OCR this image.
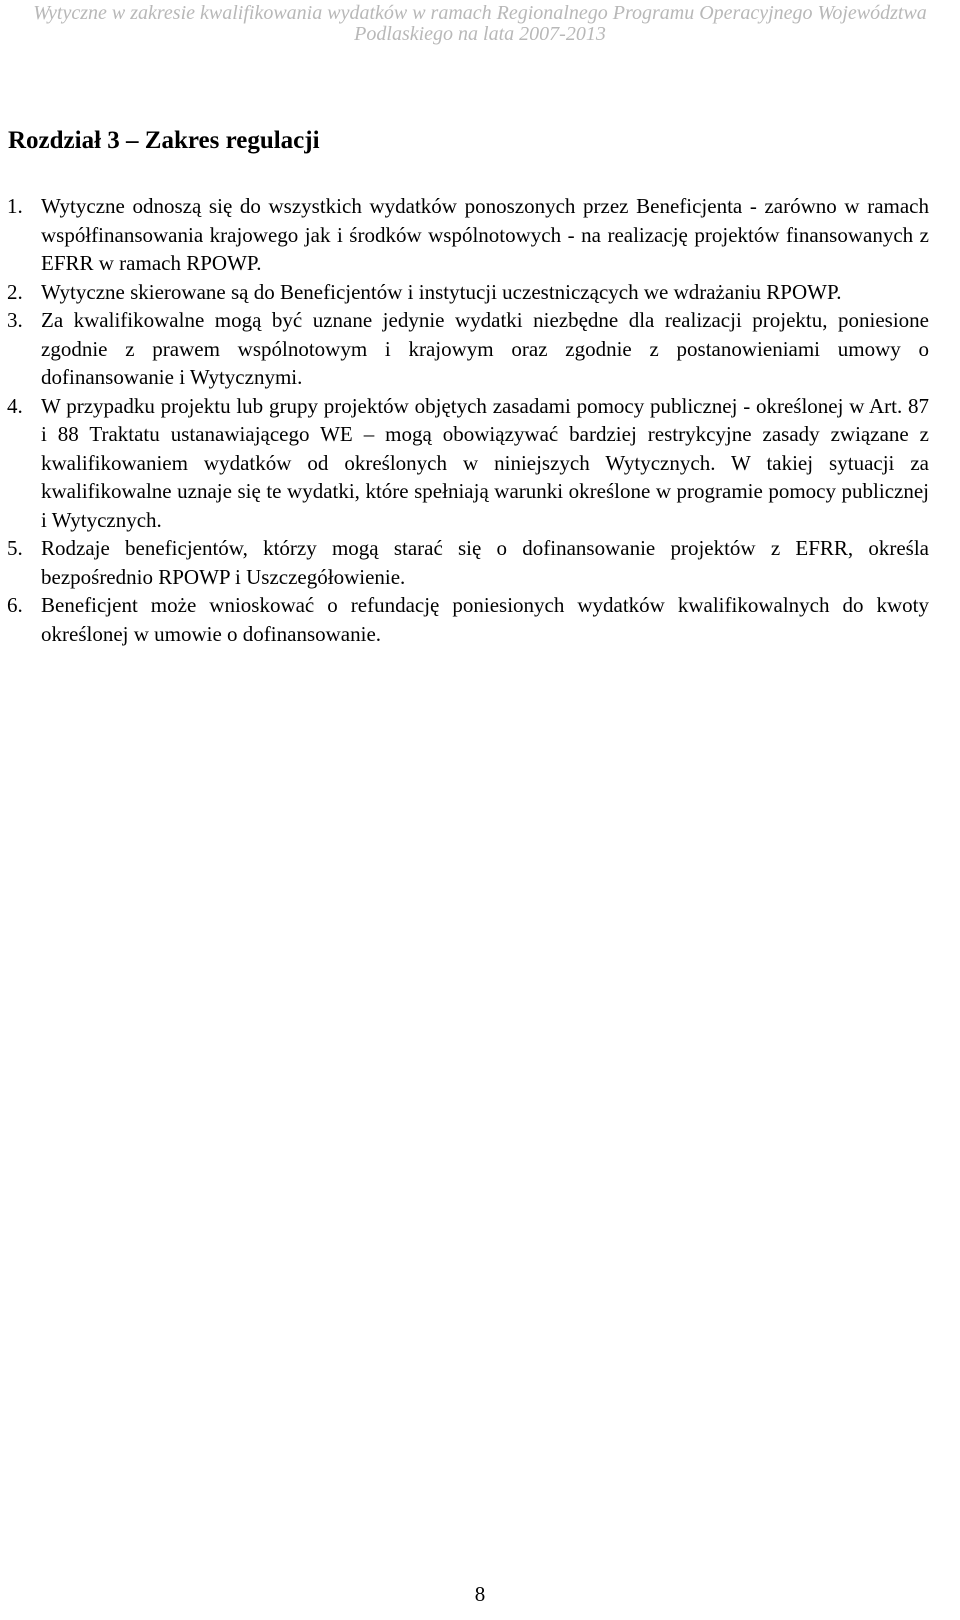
Wytyczne w zakresie kwalifikowania wydatków w ramach Regionalnego Programu Operacyjnego Województwa
Podlaskiego na lata 2007-2013
Rozdział 3 – Zakres regulacji
1. Wytyczne odnoszą się do wszystkich wydatków ponoszonych przez Beneficjenta - zarówno w ramach współfinansowania krajowego jak i środków wspólnotowych - na realizację projektów finansowanych z EFRR w ramach RPOWP.
2. Wytyczne skierowane są do Beneficjentów i instytucji uczestniczących we wdrażaniu RPOWP.
3. Za kwalifikowalne mogą być uznane jedynie wydatki niezbędne dla realizacji projektu, poniesione zgodnie z prawem wspólnotowym i krajowym oraz zgodnie z postanowieniami umowy o dofinansowanie i Wytycznymi.
4. W przypadku projektu lub grupy projektów objętych zasadami pomocy publicznej - określonej w Art. 87 i 88 Traktatu ustanawiającego WE – mogą obowiązywać bardziej restrykcyjne zasady związane z kwalifikowaniem wydatków od określonych w niniejszych Wytycznych. W takiej sytuacji za kwalifikowalne uznaje się te wydatki, które spełniają warunki określone w programie pomocy publicznej i Wytycznych.
5. Rodzaje beneficjentów, którzy mogą starać się o dofinansowanie projektów z EFRR, określa bezpośrednio RPOWP i Uszczegółowienie.
6. Beneficjent może wnioskować o refundację poniesionych wydatków kwalifikowalnych do kwoty określonej w umowie o dofinansowanie.
8
